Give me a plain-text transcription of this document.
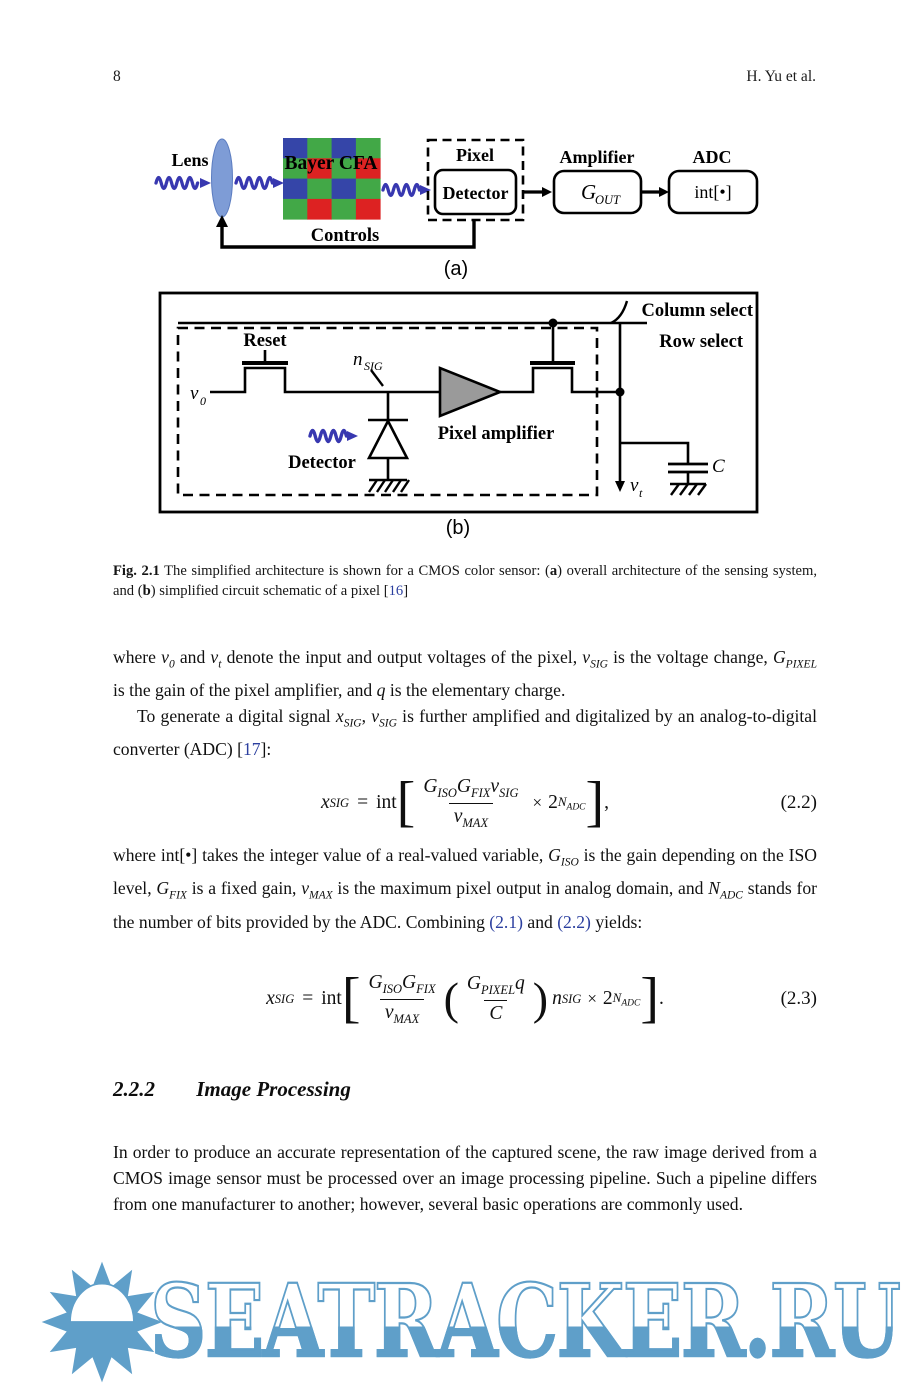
8	H. Yu et al.
Lens	Bayer CFA	Pixel
Detector
Amplifier
G
OUT
ADC
int[•]
Controls
(a)
Column select
Row select
v 0
Reset
n SIG
Detector
Pixel amplifier
v t
C
(b)
Fig. 2.1 The simplified architecture is shown for a CMOS color sensor: (a) overall architecture of the sensing system, and (b) simplified circuit schematic of a pixel [16]

where $v_0$ and $v_t$ denote the input and output voltages of the pixel, $v_{SIG}$ is the voltage change, $G_{PIXEL}$ is the gain of the pixel amplifier, and q is the elementary charge.

To generate a digital signal $x_{SIG}$, $v_{SIG}$ is further amplified and digitalized by an analog-to-digital converter (ADC) [17]:

x SIG = int [ $\frac{G_{ISO}G_{FIX}v_{SIG}}{v_{MAX}} \times 2$ $N_{ADC}$ ] ,	(2.2)

where int[•] takes the integer value of a real-valued variable, $G_{ISO}$ is the gain depending on the ISO level, $G_{FIX}$ is a fixed gain, $v_{MAX}$ is the maximum pixel output in analog domain, and $N_{ADC}$ stands for the number of bits provided by the ADC. Combining (2.1) and (2.2) yields:

x SIG = int [ $\frac{G_{ISO}G_{FIX}}{v_{MAX}}$ ( $\frac{G_{PIXEL}q}{C}$ ) n SIG × 2 $N_{ADC}$ ] .	(2.3)
2.2.2 Image Processing

In order to produce an accurate representation of the captured scene, the raw image derived from a CMOS image sensor must be processed over an image processing pipeline. Such a pipeline differs from one manufacturer to another; however, several basic operations are commonly used.

SEATRACKER.RU
